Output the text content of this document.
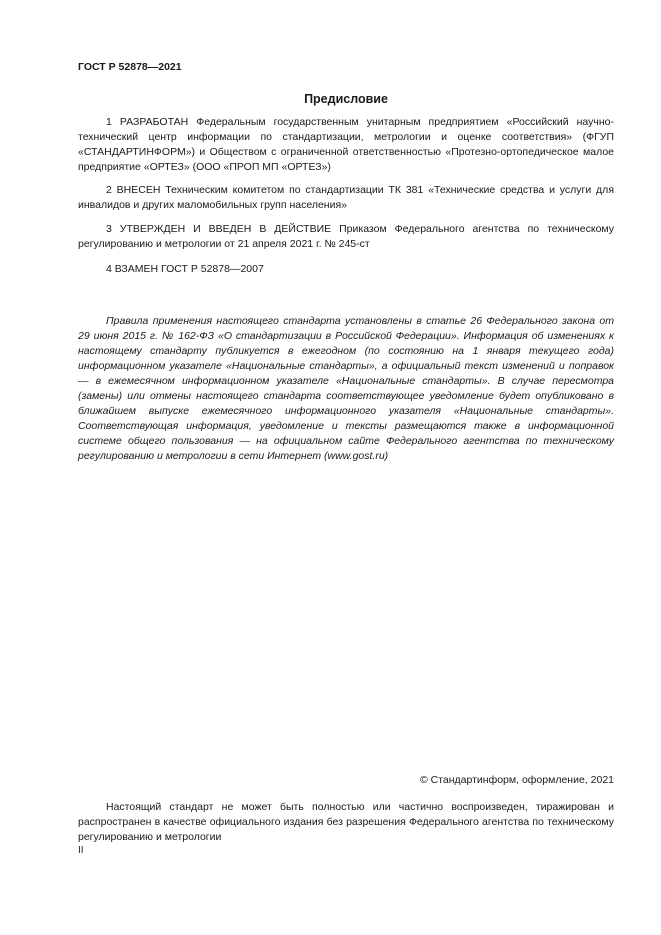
ГОСТ Р 52878—2021
Предисловие

1 РАЗРАБОТАН Федеральным государственным унитарным предприятием «Российский научно-технический центр информации по стандартизации, метрологии и оценке соответствия» (ФГУП «СТАНДАРТИНФОРМ») и Обществом с ограниченной ответственностью «Протезно-ортопедическое малое предприятие «ОРТЕЗ» (ООО «ПРОП МП «ОРТЕЗ»)

2 ВНЕСЕН Техническим комитетом по стандартизации ТК 381 «Технические средства и услуги для инвалидов и других маломобильных групп населения»

3 УТВЕРЖДЕН И ВВЕДЕН В ДЕЙСТВИЕ Приказом Федерального агентства по техническому регулированию и метрологии от 21 апреля 2021 г. № 245-ст

4 ВЗАМЕН ГОСТ Р 52878—2007

Правила применения настоящего стандарта установлены в статье 26 Федерального закона от 29 июня 2015 г. № 162-ФЗ «О стандартизации в Российской Федерации». Информация об изменениях к настоящему стандарту публикуется в ежегодном (по состоянию на 1 января текущего года) информационном указателе «Национальные стандарты», а официальный текст изменений и поправок — в ежемесячном информационном указателе «Национальные стандарты». В случае пересмотра (замены) или отмены настоящего стандарта соответствующее уведомление будет опубликовано в ближайшем выпуске ежемесячного информационного указателя «Национальные стандарты». Соответствующая информация, уведомление и тексты размещаются также в информационной системе общего пользования — на официальном сайте Федерального агентства по техническому регулированию и метрологии в сети Интернет (www.gost.ru)

© Стандартинформ, оформление, 2021

Настоящий стандарт не может быть полностью или частично воспроизведен, тиражирован и распространен в качестве официального издания без разрешения Федерального агентства по техническому регулированию и метрологии

II
